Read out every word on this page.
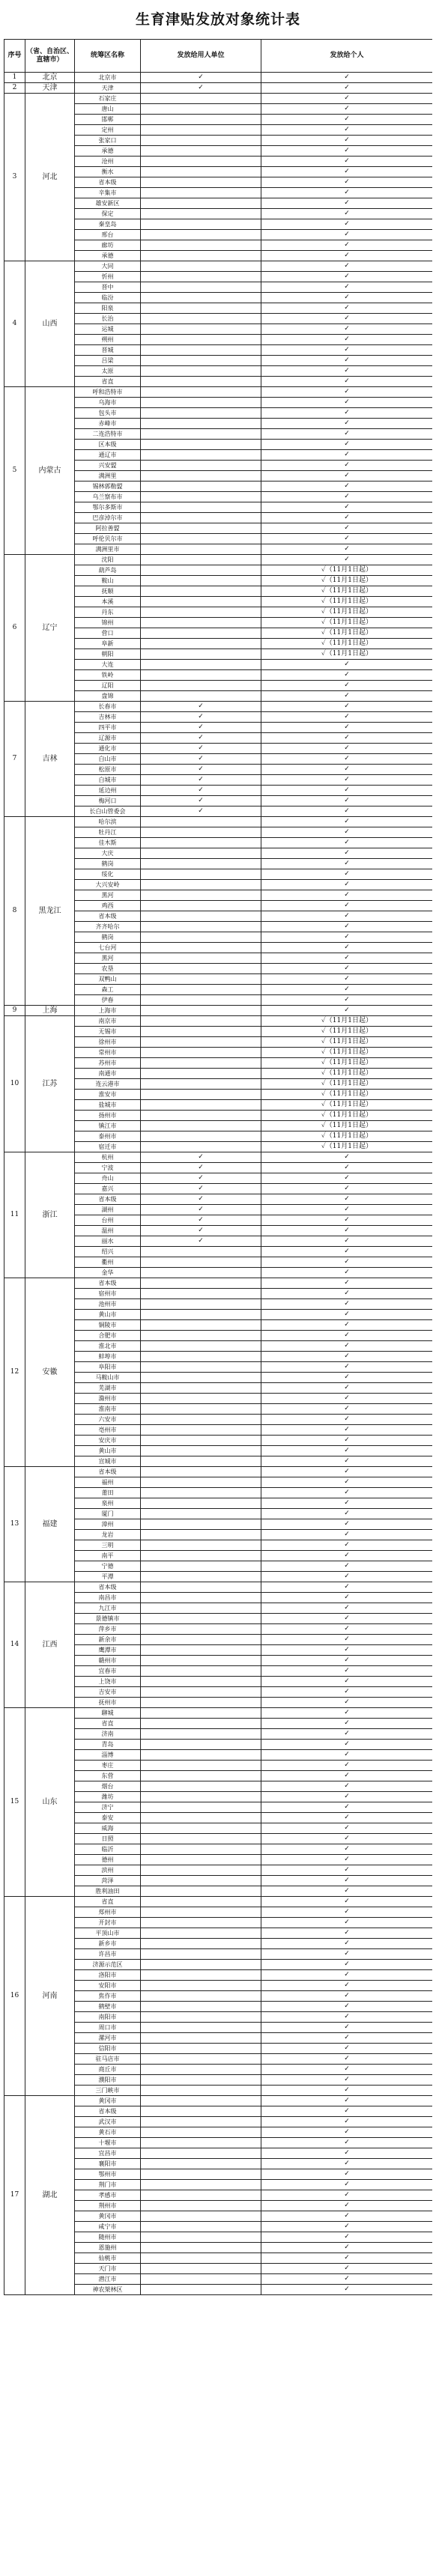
生育津贴发放对象统计表
序号	（省、自治区、直辖市）	统筹区名称	发放给用人单位	发放给个人
1	北京	北京市	✓	✓
2	天津	天津	✓	✓
3	河北	石家庄		✓
		唐山		✓
		邯郸		✓
		定州		✓
		张家口		✓
		承德		✓
		沧州		✓
		衡水		✓
		省本级		✓
		辛集市		✓
		雄安新区		✓
		保定		✓
		秦皇岛		✓
		邢台		✓
		廊坊		✓
		承德		✓
4	山西	大同		✓
		忻州		✓
		晋中		✓
		临汾		✓
		阳泉		✓
		长治		✓
		运城		✓
		朔州		✓
		晋城		✓
		吕梁		✓
		太原		✓
		省直		✓
5	内蒙古	呼和浩特市		✓
		乌海市		✓
		包头市		✓
		赤峰市		✓
		二连浩特市		✓
		区本级		✓
		通辽市		✓
		兴安盟		✓
		满洲里		✓
		锡林郭勒盟		✓
		乌兰察布市		✓
		鄂尔多斯市		✓
		巴彦淖尔市		✓
		阿拉善盟		✓
		呼伦贝尔市		✓
		满洲里市		✓
6	辽宁	沈阳		✓
		葫芦岛		✓（11月1日起）
		鞍山		✓（11月1日起）
		抚顺		✓（11月1日起）
		本溪		✓（11月1日起）
		丹东		✓（11月1日起）
		锦州		✓（11月1日起）
		营口		✓（11月1日起）
		阜新		✓（11月1日起）
		朝阳		✓（11月1日起）
		大连		✓
		铁岭		✓
		辽阳		✓
		盘锦		✓
7	吉林	长春市	✓	✓
		吉林市	✓	✓
		四平市	✓	✓
		辽源市	✓	✓
		通化市	✓	✓
		白山市	✓	✓
		松原市	✓	✓
		白城市	✓	✓
		延边州	✓	✓
		梅河口	✓	✓
		长白山管委会	✓	✓
8	黑龙江	哈尔滨		✓
		牡丹江		✓
		佳木斯		✓
		大庆		✓
		鹤岗		✓
		绥化		✓
		大兴安岭		✓
		黑河		✓
		鸡西		✓
		省本级		✓
		齐齐哈尔		✓
		鹤岗		✓
		七台河		✓
		黑河		✓
		农垦		✓
		双鸭山		✓
		森工		✓
		伊春		✓
9	上海	上海市		✓
10	江苏	南京市		✓（11月1日起）
		无锡市		✓（11月1日起）
		徐州市		✓（11月1日起）
		常州市		✓（11月1日起）
		苏州市		✓（11月1日起）
		南通市		✓（11月1日起）
		连云港市		✓（11月1日起）
		淮安市		✓（11月1日起）
		盐城市		✓（11月1日起）
		扬州市		✓（11月1日起）
		镇江市		✓（11月1日起）
		泰州市		✓（11月1日起）
		宿迁市		✓（11月1日起）
11	浙江	杭州	✓	✓
		宁波	✓	✓
		舟山	✓	✓
		嘉兴	✓	✓
		省本级	✓	✓
		湖州	✓	✓
		台州	✓	✓
		温州	✓	✓
		丽水	✓	✓
		绍兴		✓
		衢州		✓
		金华		✓
12	安徽	省本级		✓
		宿州市		✓
		池州市		✓
		黄山市		✓
		铜陵市		✓
		合肥市		✓
		淮北市		✓
		蚌埠市		✓
		阜阳市		✓
		马鞍山市		✓
		芜湖市		✓
		滁州市		✓
		淮南市		✓
		六安市		✓
		亳州市		✓
		安庆市		✓
		黄山市		✓
		宣城市		✓
13	福建	省本级		✓
		福州		✓
		莆田		✓
		泉州		✓
		厦门		✓
		漳州		✓
		龙岩		✓
		三明		✓
		南平		✓
		宁德		✓
		平潭		✓
14	江西	省本级		✓
		南昌市		✓
		九江市		✓
		景德镇市		✓
		萍乡市		✓
		新余市		✓
		鹰潭市		✓
		赣州市		✓
		宜春市		✓
		上饶市		✓
		吉安市		✓
		抚州市		✓
15	山东	聊城		✓
		省直		✓
		济南		✓
		青岛		✓
		淄博		✓
		枣庄		✓
		东营		✓
		烟台		✓
		潍坊		✓
		济宁		✓
		泰安		✓
		威海		✓
		日照		✓
		临沂		✓
		德州		✓
		滨州		✓
		菏泽		✓
		胜利油田		✓
16	河南	省直		✓
		郑州市		✓
		开封市		✓
		平顶山市		✓
		新乡市		✓
		许昌市		✓
		济源示范区		✓
		洛阳市		✓
		安阳市		✓
		焦作市		✓
		鹤壁市		✓
		南阳市		✓
		周口市		✓
		漯河市		✓
		信阳市		✓
		驻马店市		✓
		商丘市		✓
		濮阳市		✓
		三门峡市		✓
17	湖北	黄冈市		✓
		省本级		✓
		武汉市		✓
		黄石市		✓
		十堰市		✓
		宜昌市		✓
		襄阳市		✓
		鄂州市		✓
		荆门市		✓
		孝感市		✓
		荆州市		✓
		黄冈市		✓
		咸宁市		✓
		随州市		✓
		恩施州		✓
		仙桃市		✓
		天门市		✓
		潜江市		✓
		神农架林区		✓
